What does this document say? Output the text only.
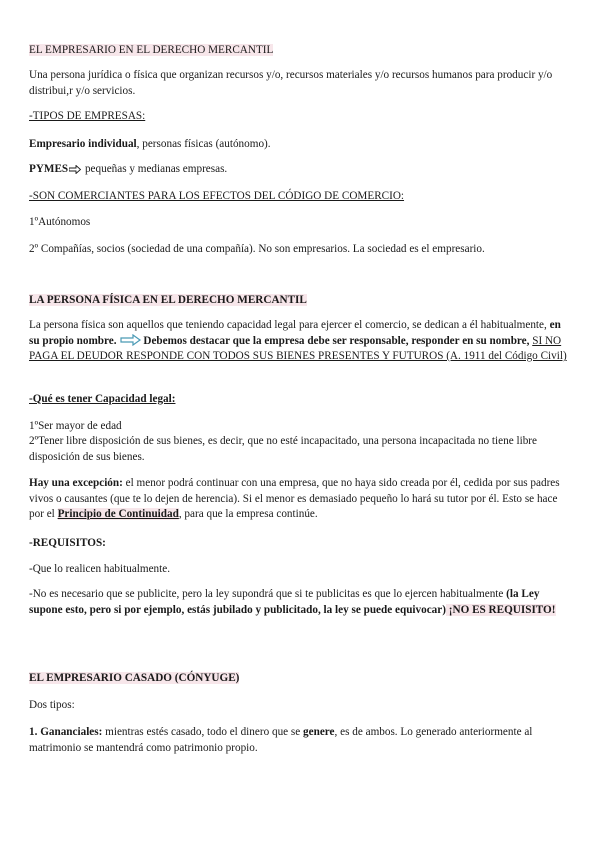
EL EMPRESARIO EN EL DERECHO MERCANTIL

Una persona jurídica o física que organizan recursos y/o, recursos materiales y/o recursos humanos para producir y/o distribui,r y/o servicios.

-TIPOS DE EMPRESAS:

Empresario individual, personas físicas (autónomo).

PYMES pequeñas y medianas empresas.

-SON COMERCIANTES PARA LOS EFECTOS DEL CÓDIGO DE COMERCIO:

1ºAutónomos

2º Compañías, socios (sociedad de una compañía). No son empresarios. La sociedad es el empresario.

LA PERSONA FÍSICA EN EL DERECHO MERCANTIL

La persona física son aquellos que teniendo capacidad legal para ejercer el comercio, se dedican a él habitualmente, en su propio nombre. Debemos destacar que la empresa debe ser responsable, responder en su nombre, SI NO PAGA EL DEUDOR RESPONDE CON TODOS SUS BIENES PRESENTES Y FUTUROS (A. 1911 del Código Civil)

-Qué es tener Capacidad legal:

1ºSer mayor de edad

2ºTener libre disposición de sus bienes, es decir, que no esté incapacitado, una persona incapacitada no tiene libre disposición de sus bienes.

Hay una excepción: el menor podrá continuar con una empresa, que no haya sido creada por él, cedida por sus padres vivos o causantes (que te lo dejen de herencia). Si el menor es demasiado pequeño lo hará su tutor por él. Esto se hace por el Principio de Continuidad, para que la empresa continúe.

-REQUISITOS:

-Que lo realicen habitualmente.

-No es necesario que se publicite, pero la ley supondrá que si te publicitas es que lo ejercen habitualmente (la Ley supone esto, pero si por ejemplo, estás jubilado y publicitado, la ley se puede equivocar) ¡NO ES REQUISITO!

EL EMPRESARIO CASADO (CÓNYUGE)

Dos tipos:

1. Gananciales: mientras estés casado, todo el dinero que se genere, es de ambos. Lo generado anteriormente al matrimonio se mantendrá como patrimonio propio.
